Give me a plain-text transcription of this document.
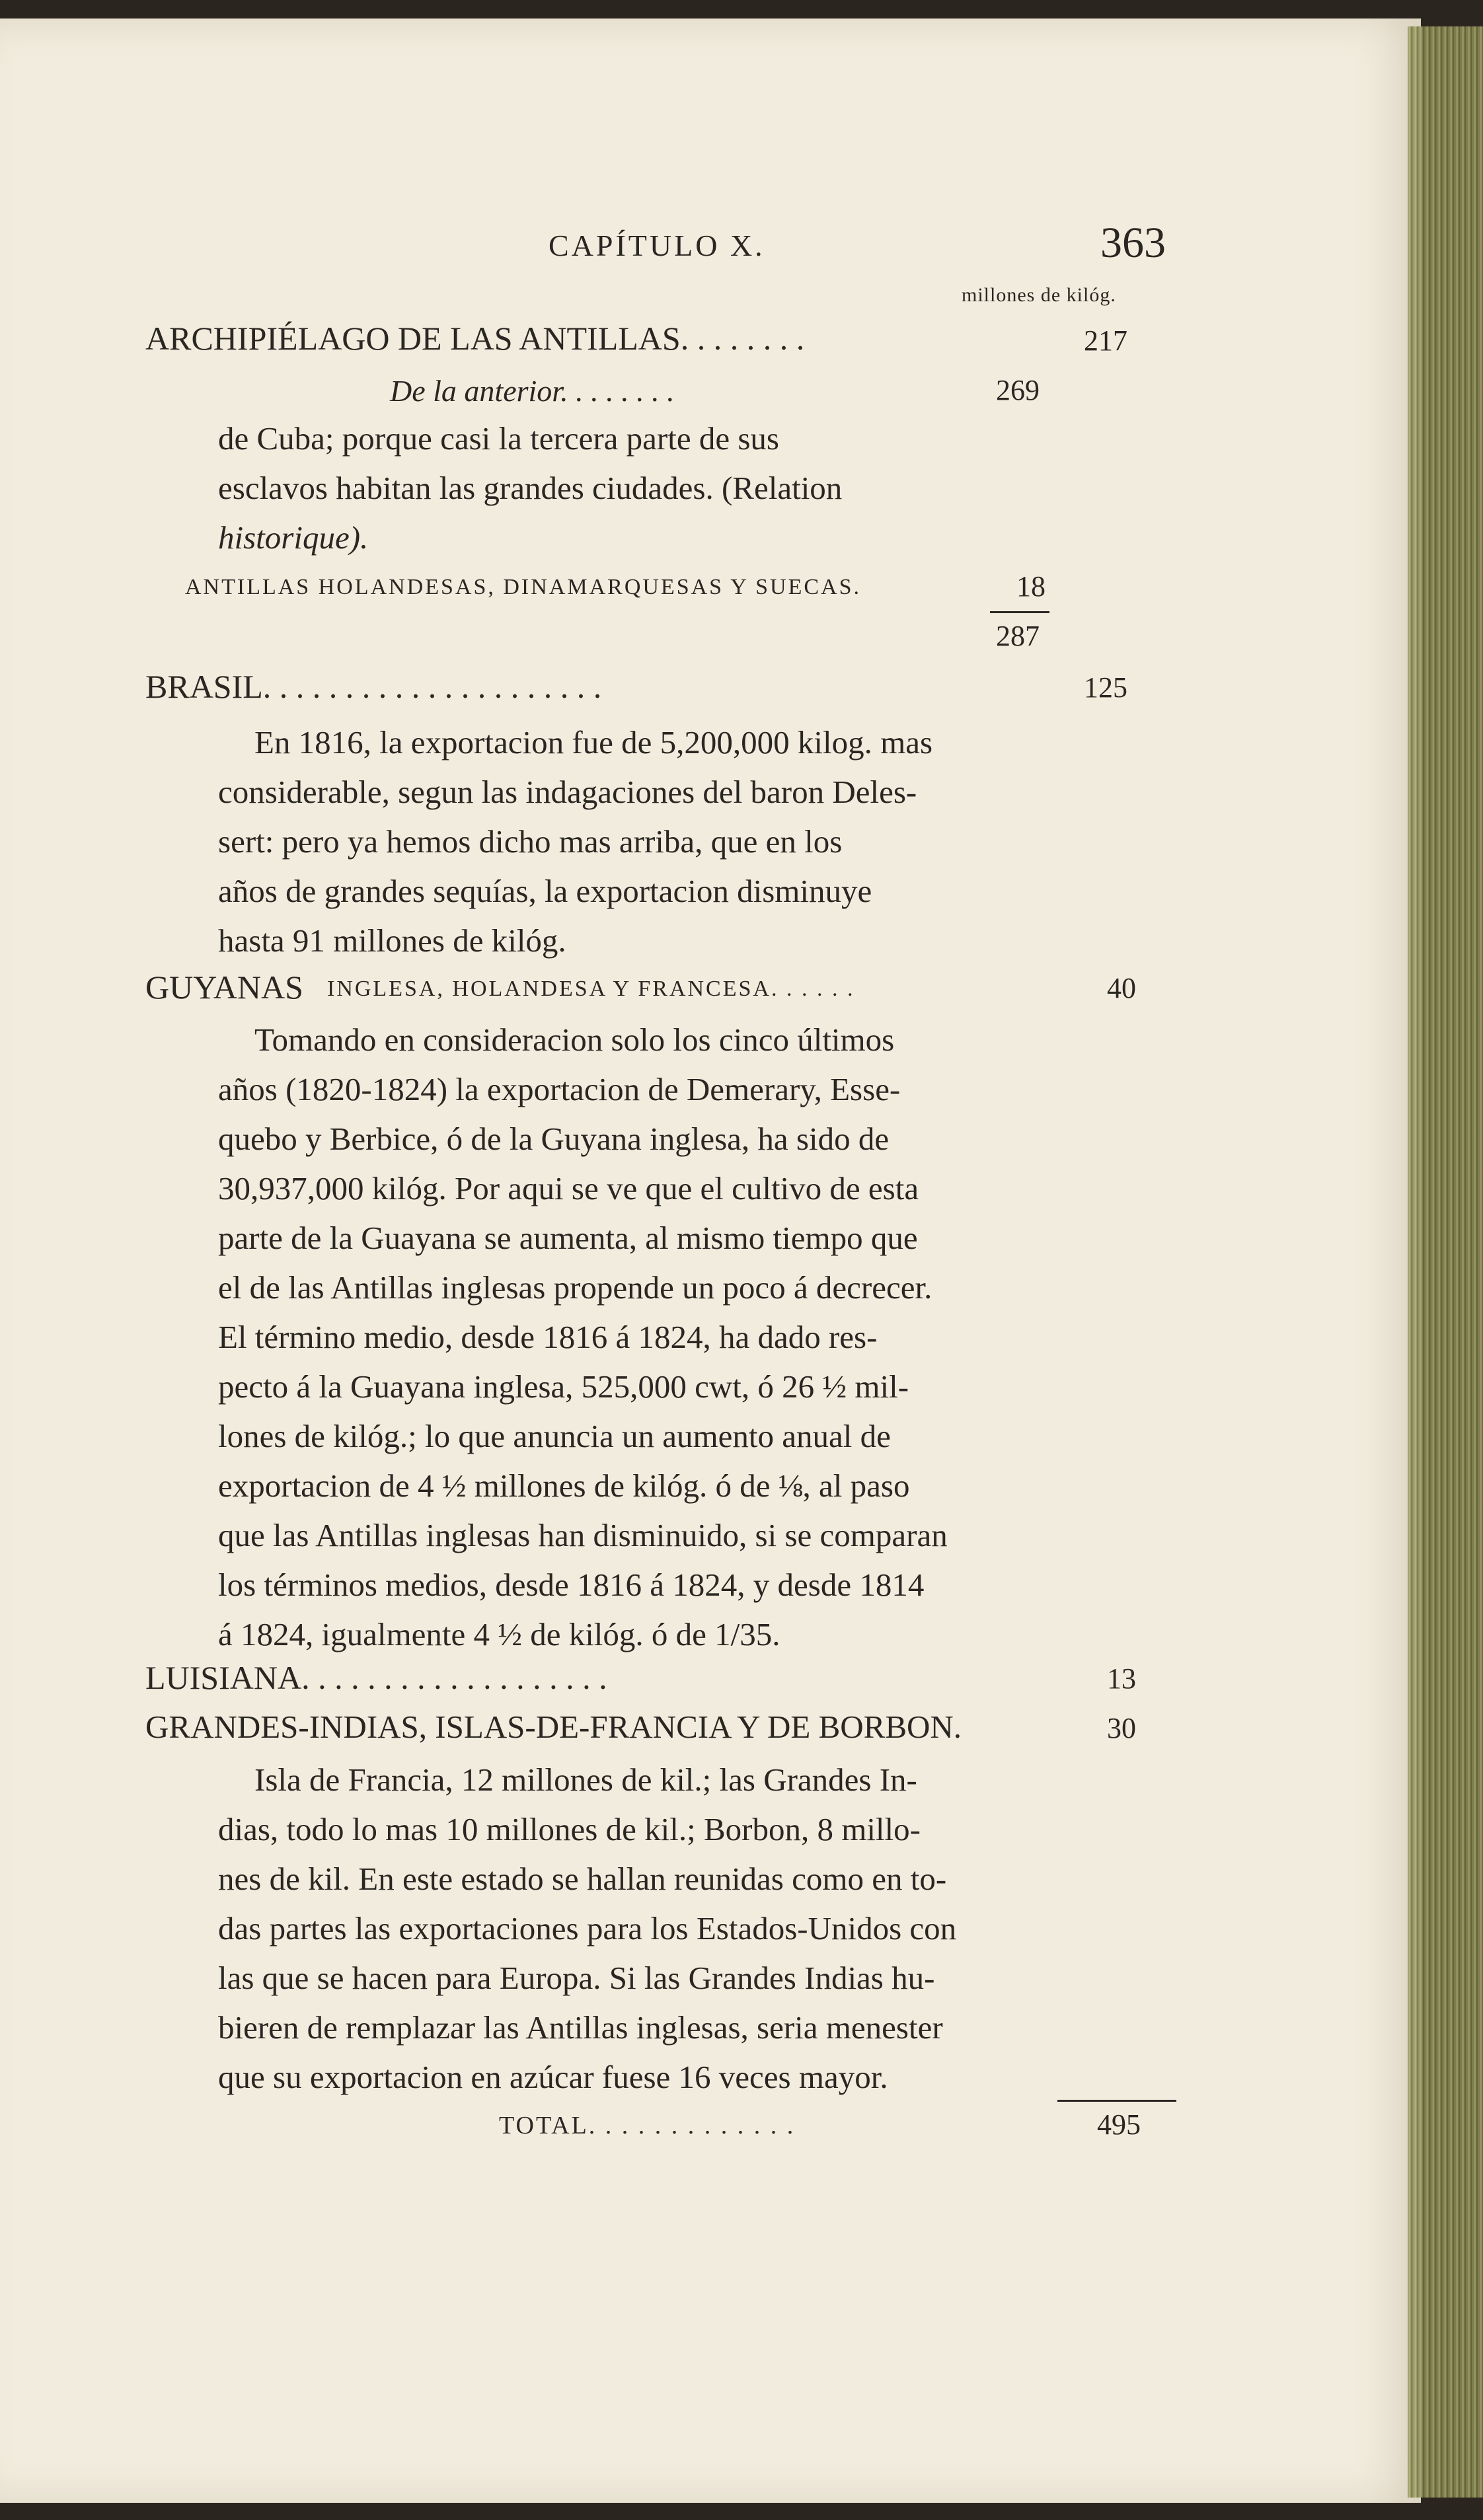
CAPÍTULO X.	363
millones de kilóg.
ARCHIPIÉLAGO DE LAS ANTILLAS. . . . . . . .	217
De la anterior. . . . . . . .	269
de Cuba; porque casi la tercera parte de sus
esclavos habitan las grandes ciudades. (Relation
historique).
ANTILLAS HOLANDESAS, DINAMARQUESAS Y SUECAS.	18
287
BRASIL. . . . . . . . . . . . . . . . . . . . .	125
En 1816, la exportacion fue de 5,200,000 kilog. mas
considerable, segun las indagaciones del baron Deles-
sert: pero ya hemos dicho mas arriba, que en los
años de grandes sequías, la exportacion disminuye
hasta 91 millones de kilóg.
GUYANAS INGLESA, HOLANDESA Y FRANCESA. . . . . .	40
Tomando en consideracion solo los cinco últimos
años (1820-1824) la exportacion de Demerary, Esse-
quebo y Berbice, ó de la Guyana inglesa, ha sido de
30,937,000 kilóg. Por aqui se ve que el cultivo de esta
parte de la Guayana se aumenta, al mismo tiempo que
el de las Antillas inglesas propende un poco á decrecer.
El término medio, desde 1816 á 1824, ha dado res-
pecto á la Guayana inglesa, 525,000 cwt, ó 26 ½ mil-
lones de kilóg.; lo que anuncia un aumento anual de
exportacion de 4 ½ millones de kilóg. ó de ⅛, al paso
que las Antillas inglesas han disminuido, si se comparan
los términos medios, desde 1816 á 1824, y desde 1814
á 1824, igualmente 4 ½ de kilóg. ó de 1/35.
LUISIANA. . . . . . . . . . . . . . . . . . .	13
GRANDES-INDIAS, ISLAS-DE-FRANCIA Y DE BORBON.	30
Isla de Francia, 12 millones de kil.; las Grandes In-
dias, todo lo mas 10 millones de kil.; Borbon, 8 millo-
nes de kil. En este estado se hallan reunidas como en to-
das partes las exportaciones para los Estados-Unidos con
las que se hacen para Europa. Si las Grandes Indias hu-
bieren de remplazar las Antillas inglesas, seria menester
que su exportacion en azúcar fuese 16 veces mayor.
TOTAL. . . . . . . . . . . . .	495
